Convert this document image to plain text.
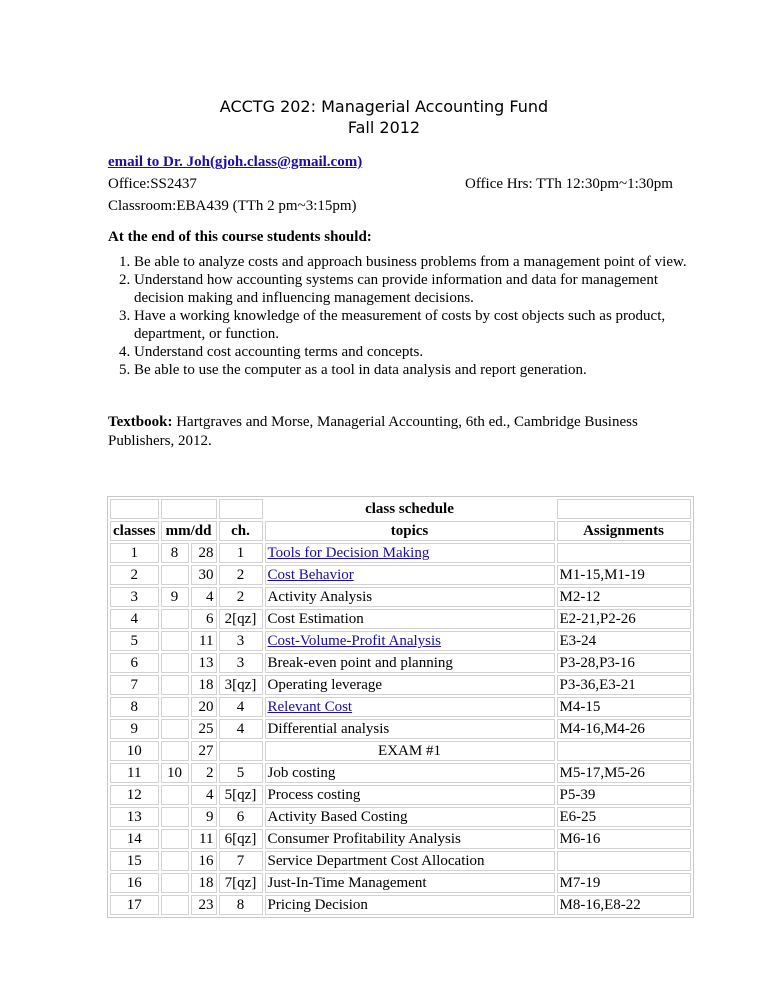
ACCTG 202: Managerial Accounting Fund
Fall 2012
email to Dr. Joh(gjoh.class@gmail.com)
Office:SS2437	Office Hrs: TTh 12:30pm~1:30pm
Classroom:EBA439 (TTh 2 pm~3:15pm)
At the end of this course students should:
1. Be able to analyze costs and approach business problems from a management point of view.
2. Understand how accounting systems can provide information and data for management decision making and influencing management decisions.
3. Have a working knowledge of the measurement of costs by cost objects such as product, department, or function.
4. Understand cost accounting terms and concepts.
5. Be able to use the computer as a tool in data analysis and report generation.
Textbook: Hartgraves and Morse, Managerial Accounting, 6th ed., Cambridge Business Publishers, 2012.
				class schedule	
classes	mm/dd		ch.	topics	Assignments
1	8	28	1	Tools for Decision Making	
2		30	2	Cost Behavior	M1-15,M1-19
3	9	4	2	Activity Analysis	M2-12
4		6	2[qz]	Cost Estimation	E2-21,P2-26
5		11	3	Cost-Volume-Profit Analysis	E3-24
6		13	3	Break-even point and planning	P3-28,P3-16
7		18	3[qz]	Operating leverage	P3-36,E3-21
8		20	4	Relevant Cost	M4-15
9		25	4	Differential analysis	M4-16,M4-26
10		27		EXAM #1	
11	10	2	5	Job costing	M5-17,M5-26
12		4	5[qz]	Process costing	P5-39
13		9	6	Activity Based Costing	E6-25
14		11	6[qz]	Consumer Profitability Analysis	M6-16
15		16	7	Service Department Cost Allocation	
16		18	7[qz]	Just-In-Time Management	M7-19
17		23	8	Pricing Decision	M8-16,E8-22
